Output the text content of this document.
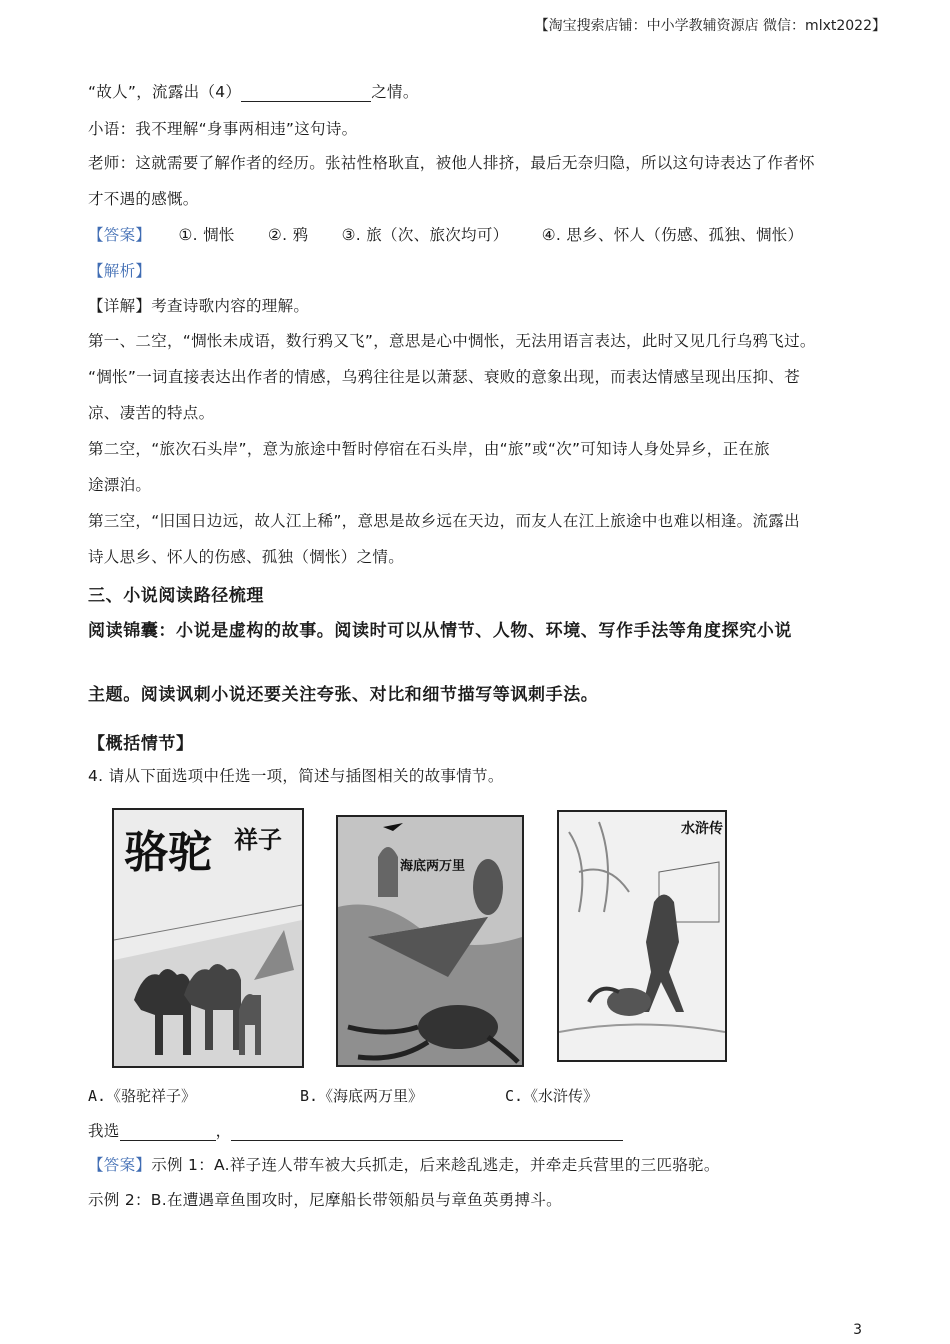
【淘宝搜索店铺：中小学教辅资源店 微信：mlxt2022】
“故人”，流露出（4）	之情。
小语：我不理解“身事两相违”这句诗。
老师：这就需要了解作者的经历。张祜性格耿直，被他人排挤，最后无奈归隐，所以这句诗表达了作者怀
才不遇的感慨。
【答案】 ①. 惆怅 ②. 鸦 ③. 旅（次、旅次均可） ④. 思乡、怀人（伤感、孤独、惆怅）
【解析】
【详解】考查诗歌内容的理解。
第一、二空，“惆怅未成语，数行鸦又飞”，意思是心中惆怅，无法用语言表达，此时又见几行乌鸦飞过。
“惆怅”一词直接表达出作者的情感，乌鸦往往是以萧瑟、衰败的意象出现，而表达情感呈现出压抑、苍
凉、凄苦的特点。
第二空，“旅次石头岸”，意为旅途中暂时停宿在石头岸，由“旅”或“次”可知诗人身处异乡，正在旅
途漂泊。
第三空，“旧国日边远，故人江上稀”，意思是故乡远在天边，而友人在江上旅途中也难以相逢。流露出
诗人思乡、怀人的伤感、孤独（惆怅）之情。
三、小说阅读路径梳理
阅读锦囊：小说是虚构的故事。阅读时可以从情节、人物、环境、写作手法等角度探究小说
主题。阅读讽刺小说还要关注夸张、对比和细节描写等讽刺手法。
【概括情节】
4. 请从下面选项中任选一项，简述与插图相关的故事情节。
骆驼 祥子
海底两万里
水浒传
A.《骆驼祥子》	B.《海底两万里》	C.《水浒传》
我选	，
【答案】示例 1：A.祥子连人带车被大兵抓走，后来趁乱逃走，并牵走兵营里的三匹骆驼。
示例 2：B.在遭遇章鱼围攻时，尼摩船长带领船员与章鱼英勇搏斗。
3
